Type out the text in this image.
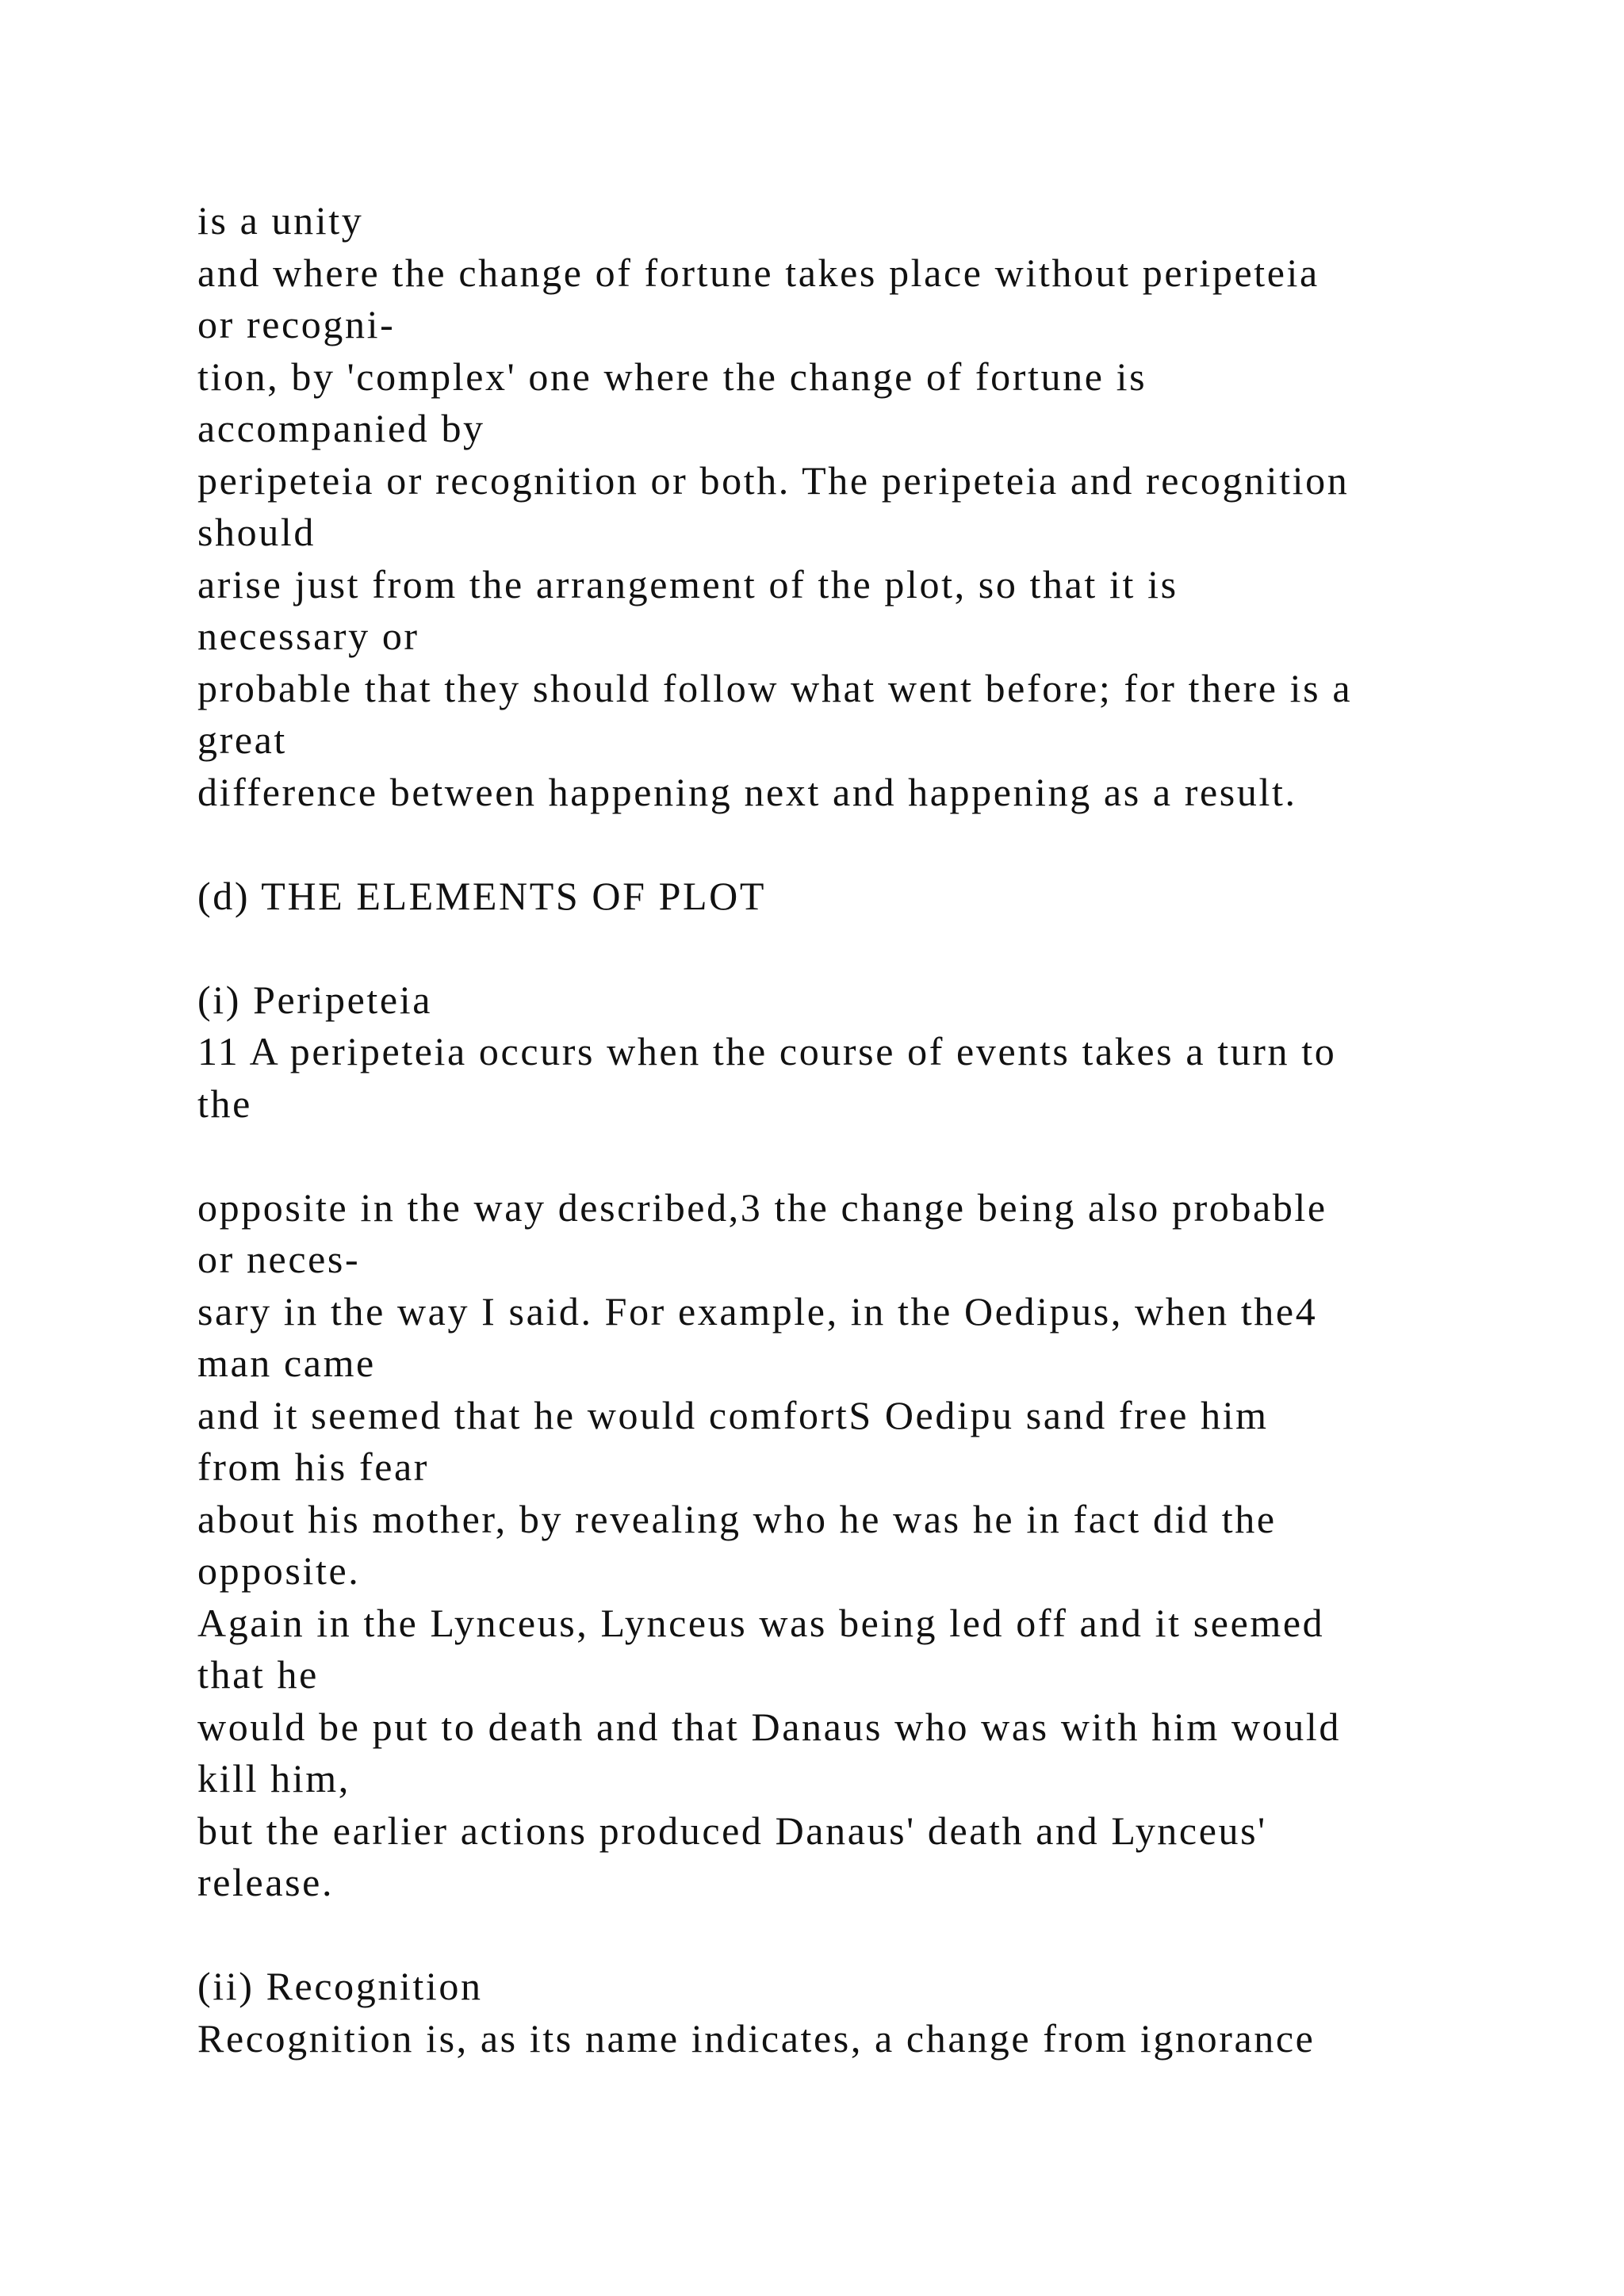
is a unity
and where the change of fortune takes place without peripeteia
or recogni-
tion, by 'complex' one where the change of fortune is
accompanied by
peripeteia or recognition or both. The peripeteia and recognition
should
arise just from the arrangement of the plot, so that it is
necessary or
probable that they should follow what went before; for there is a
great
difference between happening next and happening as a result.
(d) THE ELEMENTS OF PLOT
(i) Peripeteia
11 A peripeteia occurs when the course of events takes a turn to
the
opposite in the way described,3 the change being also probable
or neces-
sary in the way I said. For example, in the Oedipus, when the4
man came
and it seemed that he would comfortS Oedipu sand free him
from his fear
about his mother, by revealing who he was he in fact did the
opposite.
Again in the Lynceus, Lynceus was being led off and it seemed
that he
would be put to death and that Danaus who was with him would
kill him,
but the earlier actions produced Danaus' death and Lynceus'
release.
(ii) Recognition
Recognition is, as its name indicates, a change from ignorance
